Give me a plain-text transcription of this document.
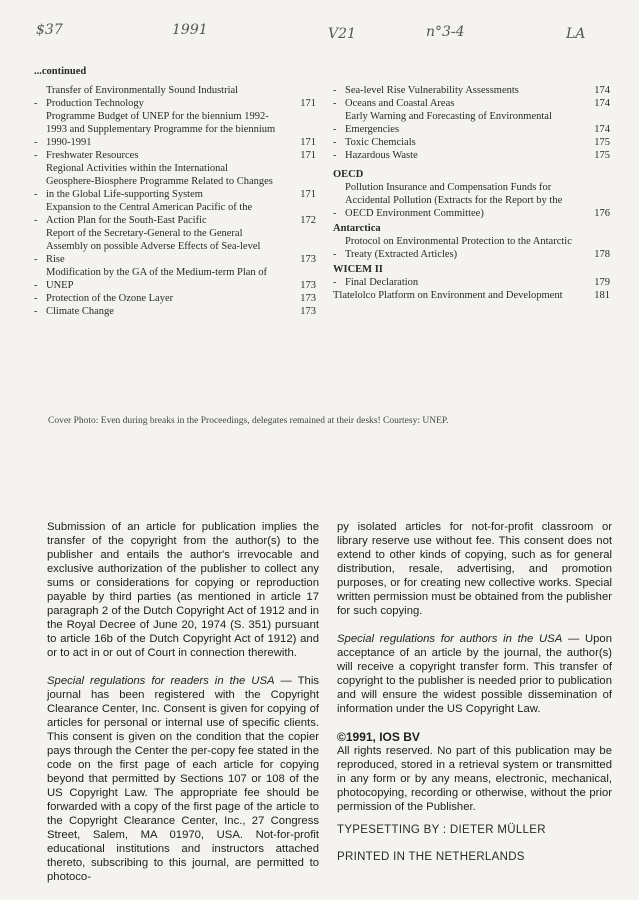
$37	1991	V21	n°3-4	LA
...continued
-
Transfer of Environmentally Sound Industrial Production Technology	171
-
Programme Budget of UNEP for the biennium 1992-1993 and Supplementary Programme for the biennium 1990-1991	171
- Freshwater Resources	171
-
Regional Activities within the International Geosphere-Biosphere Programme Related to Changes in the Global Life-supporting System	171
-
Expansion to the Central American Pacific of the Action Plan for the South-East Pacific	172
-
Report of the Secretary-General to the General Assembly on possible Adverse Effects of Sea-level Rise	173
-
Modification by the GA of the Medium-term Plan of UNEP	173
- Protection of the Ozone Layer	173
- Climate Change	173
- Sea-level Rise Vulnerability Assessments	174
- Oceans and Coastal Areas	174
-
Early Warning and Forecasting of Environmental Emergencies	174
- Toxic Chemcials	175
- Hazardous Waste	175
OECD
-
Pollution Insurance and Compensation Funds for Accidental Pollution (Extracts for the Report by the OECD Environment Committee)	176
Antarctica
-
Protocol on Environmental Protection to the Antarctic Treaty (Extracted Articles)	178
WICEM II
- Final Declaration	179
Tlatelolco Platform on Environment and Development	181
Cover Photo: Even during breaks in the Proceedings, delegates remained at their desks! Courtesy: UNEP.

Submission of an article for publication implies the transfer of the copyright from the author(s) to the publisher and entails the author's irrevocable and exclusive authorization of the publisher to collect any sums or considerations for copying or reproduction payable by third parties (as mentioned in article 17 paragraph 2 of the Dutch Copyright Act of 1912 and in the Royal Decree of June 20, 1974 (S. 351) pursuant to article 16b of the Dutch Copyright Act of 1912) and or to act in or out of Court in connection therewith.

Special regulations for readers in the USA — This journal has been registered with the Copyright Clearance Center, Inc. Consent is given for copying of articles for personal or internal use of specific clients. This consent is given on the condition that the copier pays through the Center the per-copy fee stated in the code on the first page of each article for copying beyond that permitted by Sections 107 or 108 of the US Copyright Law. The appropriate fee should be forwarded with a copy of the first page of the article to the Copyright Clearance Center, Inc., 27 Congress Street, Salem, MA 01970, USA. Not-for-profit educational institutions and instructors attached thereto, subscribing to this journal, are permitted to photoco-

py isolated articles for not-for-profit classroom or library reserve use without fee. This consent does not extend to other kinds of copying, such as for general distribution, resale, advertising, and promotion purposes, or for creating new collective works. Special written permission must be obtained from the publisher for such copying.

Special regulations for authors in the USA — Upon acceptance of an article by the journal, the author(s) will receive a copyright transfer form. This transfer of copyright to the publisher is needed prior to publication and will ensure the widest possible dissemination of information under the US Copyright Law.

©1991, IOS BV
All rights reserved. No part of this publication may be reproduced, stored in a retrieval system or transmitted in any form or by any means, electronic, mechanical, photocopying, recording or otherwise, without the prior permission of the Publisher.
TYPESETTING BY : DIETER MÜLLER
PRINTED IN THE NETHERLANDS
